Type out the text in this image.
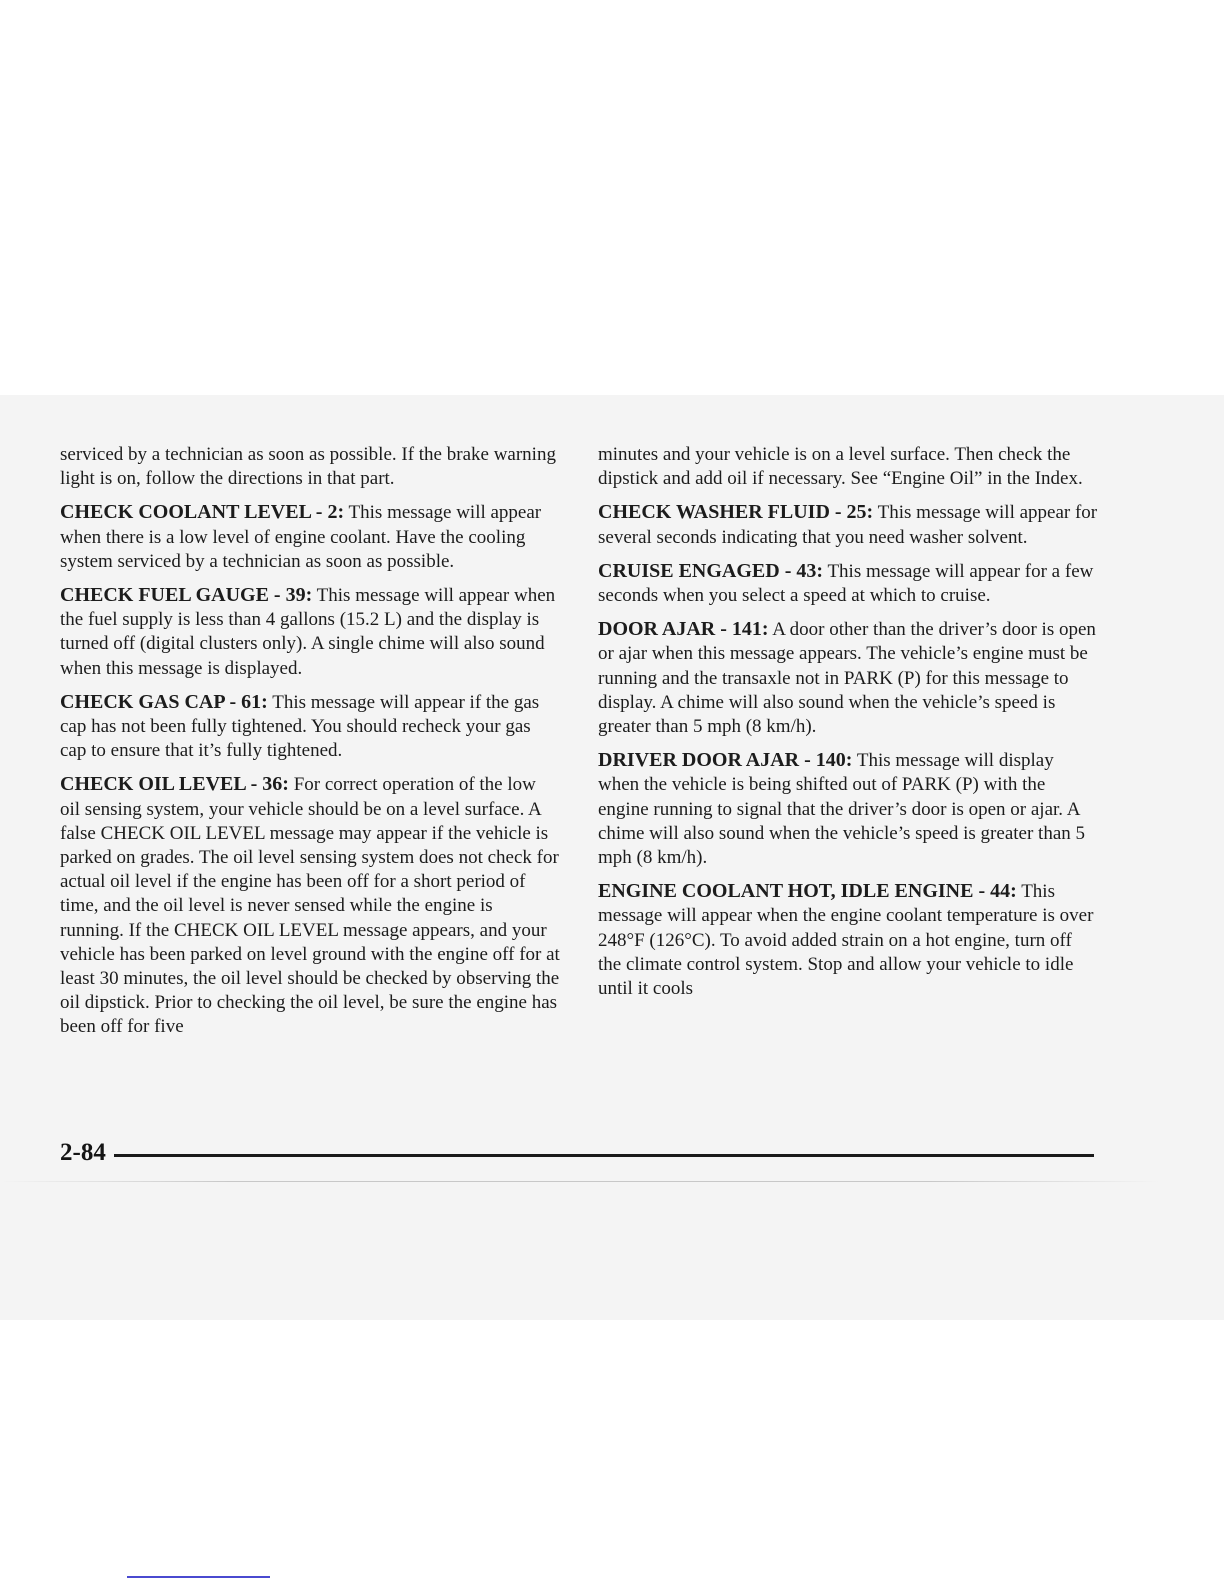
serviced by a technician as soon as possible. If the brake warning light is on, follow the directions in that part.

CHECK COOLANT LEVEL - 2: This message will appear when there is a low level of engine coolant. Have the cooling system serviced by a technician as soon as possible.

CHECK FUEL GAUGE - 39: This message will appear when the fuel supply is less than 4 gallons (15.2 L) and the display is turned off (digital clusters only). A single chime will also sound when this message is displayed.

CHECK GAS CAP - 61: This message will appear if the gas cap has not been fully tightened. You should recheck your gas cap to ensure that it’s fully tightened.

CHECK OIL LEVEL - 36: For correct operation of the low oil sensing system, your vehicle should be on a level surface. A false CHECK OIL LEVEL message may appear if the vehicle is parked on grades. The oil level sensing system does not check for actual oil level if the engine has been off for a short period of time, and the oil level is never sensed while the engine is running. If the CHECK OIL LEVEL message appears, and your vehicle has been parked on level ground with the engine off for at least 30 minutes, the oil level should be checked by observing the oil dipstick. Prior to checking the oil level, be sure the engine has been off for five

minutes and your vehicle is on a level surface. Then check the dipstick and add oil if necessary. See “Engine Oil” in the Index.

CHECK WASHER FLUID - 25: This message will appear for several seconds indicating that you need washer solvent.

CRUISE ENGAGED - 43: This message will appear for a few seconds when you select a speed at which to cruise.

DOOR AJAR - 141: A door other than the driver’s door is open or ajar when this message appears. The vehicle’s engine must be running and the transaxle not in PARK (P) for this message to display. A chime will also sound when the vehicle’s speed is greater than 5 mph (8 km/h).

DRIVER DOOR AJAR - 140: This message will display when the vehicle is being shifted out of PARK (P) with the engine running to signal that the driver’s door is open or ajar. A chime will also sound when the vehicle’s speed is greater than 5 mph (8 km/h).

ENGINE COOLANT HOT, IDLE ENGINE - 44: This message will appear when the engine coolant temperature is over 248°F (126°C). To avoid added strain on a hot engine, turn off the climate control system. Stop and allow your vehicle to idle until it cools

2-84
